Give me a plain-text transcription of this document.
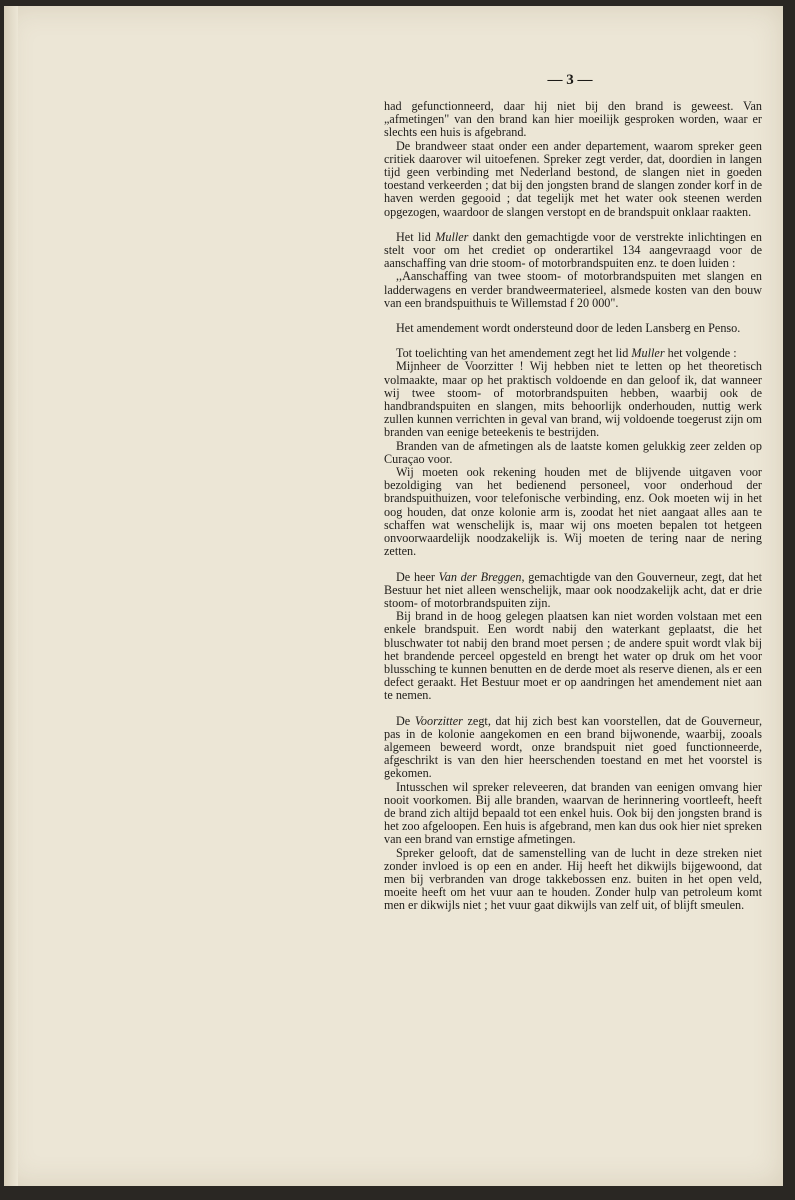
— 3 —

had gefunctionneerd, daar hij niet bij den brand is geweest. Van „afmetingen" van den brand kan hier moeilijk gesproken worden, waar er slechts een huis is afgebrand.

De brandweer staat onder een ander departement, waarom spreker geen critiek daarover wil uitoefenen. Spreker zegt verder, dat, doordien in langen tijd geen verbinding met Nederland bestond, de slangen niet in goeden toestand verkeerden ; dat bij den jongsten brand de slangen zonder korf in de haven werden gegooid ; dat tegelijk met het water ook steenen werden opgezogen, waardoor de slangen verstopt en de brandspuit onklaar raakten.

Het lid Muller dankt den gemachtigde voor de verstrekte inlichtingen en stelt voor om het crediet op onderartikel 134 aangevraagd voor de aanschaffing van drie stoom- of motorbrandspuiten enz. te doen luiden :

,,Aanschaffing van twee stoom- of motorbrandspuiten met slangen en ladderwagens en verder brandweermaterieel, alsmede kosten van den bouw van een brandspuithuis te Willemstad f 20 000".

Het amendement wordt ondersteund door de leden Lansberg en Penso.

Tot toelichting van het amendement zegt het lid Muller het volgende :

Mijnheer de Voorzitter ! Wij hebben niet te letten op het theoretisch volmaakte, maar op het praktisch voldoende en dan geloof ik, dat wanneer wij twee stoom- of motorbrandspuiten hebben, waarbij ook de handbrandspuiten en slangen, mits behoorlijk onderhouden, nuttig werk zullen kunnen verrichten in geval van brand, wij voldoende toegerust zijn om branden van eenige beteekenis te bestrijden.

Branden van de afmetingen als de laatste komen gelukkig zeer zelden op Curaçao voor.

Wij moeten ook rekening houden met de blijvende uitgaven voor bezoldiging van het bedienend personeel, voor onderhoud der brandspuithuizen, voor telefonische verbinding, enz. Ook moeten wij in het oog houden, dat onze kolonie arm is, zoodat het niet aangaat alles aan te schaffen wat wenschelijk is, maar wij ons moeten bepalen tot hetgeen onvoorwaardelijk noodzakelijk is. Wij moeten de tering naar de nering zetten.

De heer Van der Breggen, gemachtigde van den Gouverneur, zegt, dat het Bestuur het niet alleen wenschelijk, maar ook noodzakelijk acht, dat er drie stoom- of motorbrandspuiten zijn.

Bij brand in de hoog gelegen plaatsen kan niet worden volstaan met een enkele brandspuit. Een wordt nabij den waterkant geplaatst, die het bluschwater tot nabij den brand moet persen ; de andere spuit wordt vlak bij het brandende perceel opgesteld en brengt het water op druk om het voor blussching te kunnen benutten en de derde moet als reserve dienen, als er een defect geraakt. Het Bestuur moet er op aandringen het amendement niet aan te nemen.

De Voorzitter zegt, dat hij zich best kan voorstellen, dat de Gouverneur, pas in de kolonie aangekomen en een brand bijwonende, waarbij, zooals algemeen beweerd wordt, onze brandspuit niet goed functionneerde, afgeschrikt is van den hier heerschenden toestand en met het voorstel is gekomen.

Intusschen wil spreker releveeren, dat branden van eenigen omvang hier nooit voorkomen. Bij alle branden, waarvan de herinnering voortleeft, heeft de brand zich altijd bepaald tot een enkel huis. Ook bij den jongsten brand is het zoo afgeloopen. Een huis is afgebrand, men kan dus ook hier niet spreken van een brand van ernstige afmetingen.

Spreker gelooft, dat de samenstelling van de lucht in deze streken niet zonder invloed is op een en ander. Hij heeft het dikwijls bijgewoond, dat men bij verbranden van droge takkebossen enz. buiten in het open veld, moeite heeft om het vuur aan te houden. Zonder hulp van petroleum komt men er dikwijls niet ; het vuur gaat dikwijls van zelf uit, of blijft smeulen.
